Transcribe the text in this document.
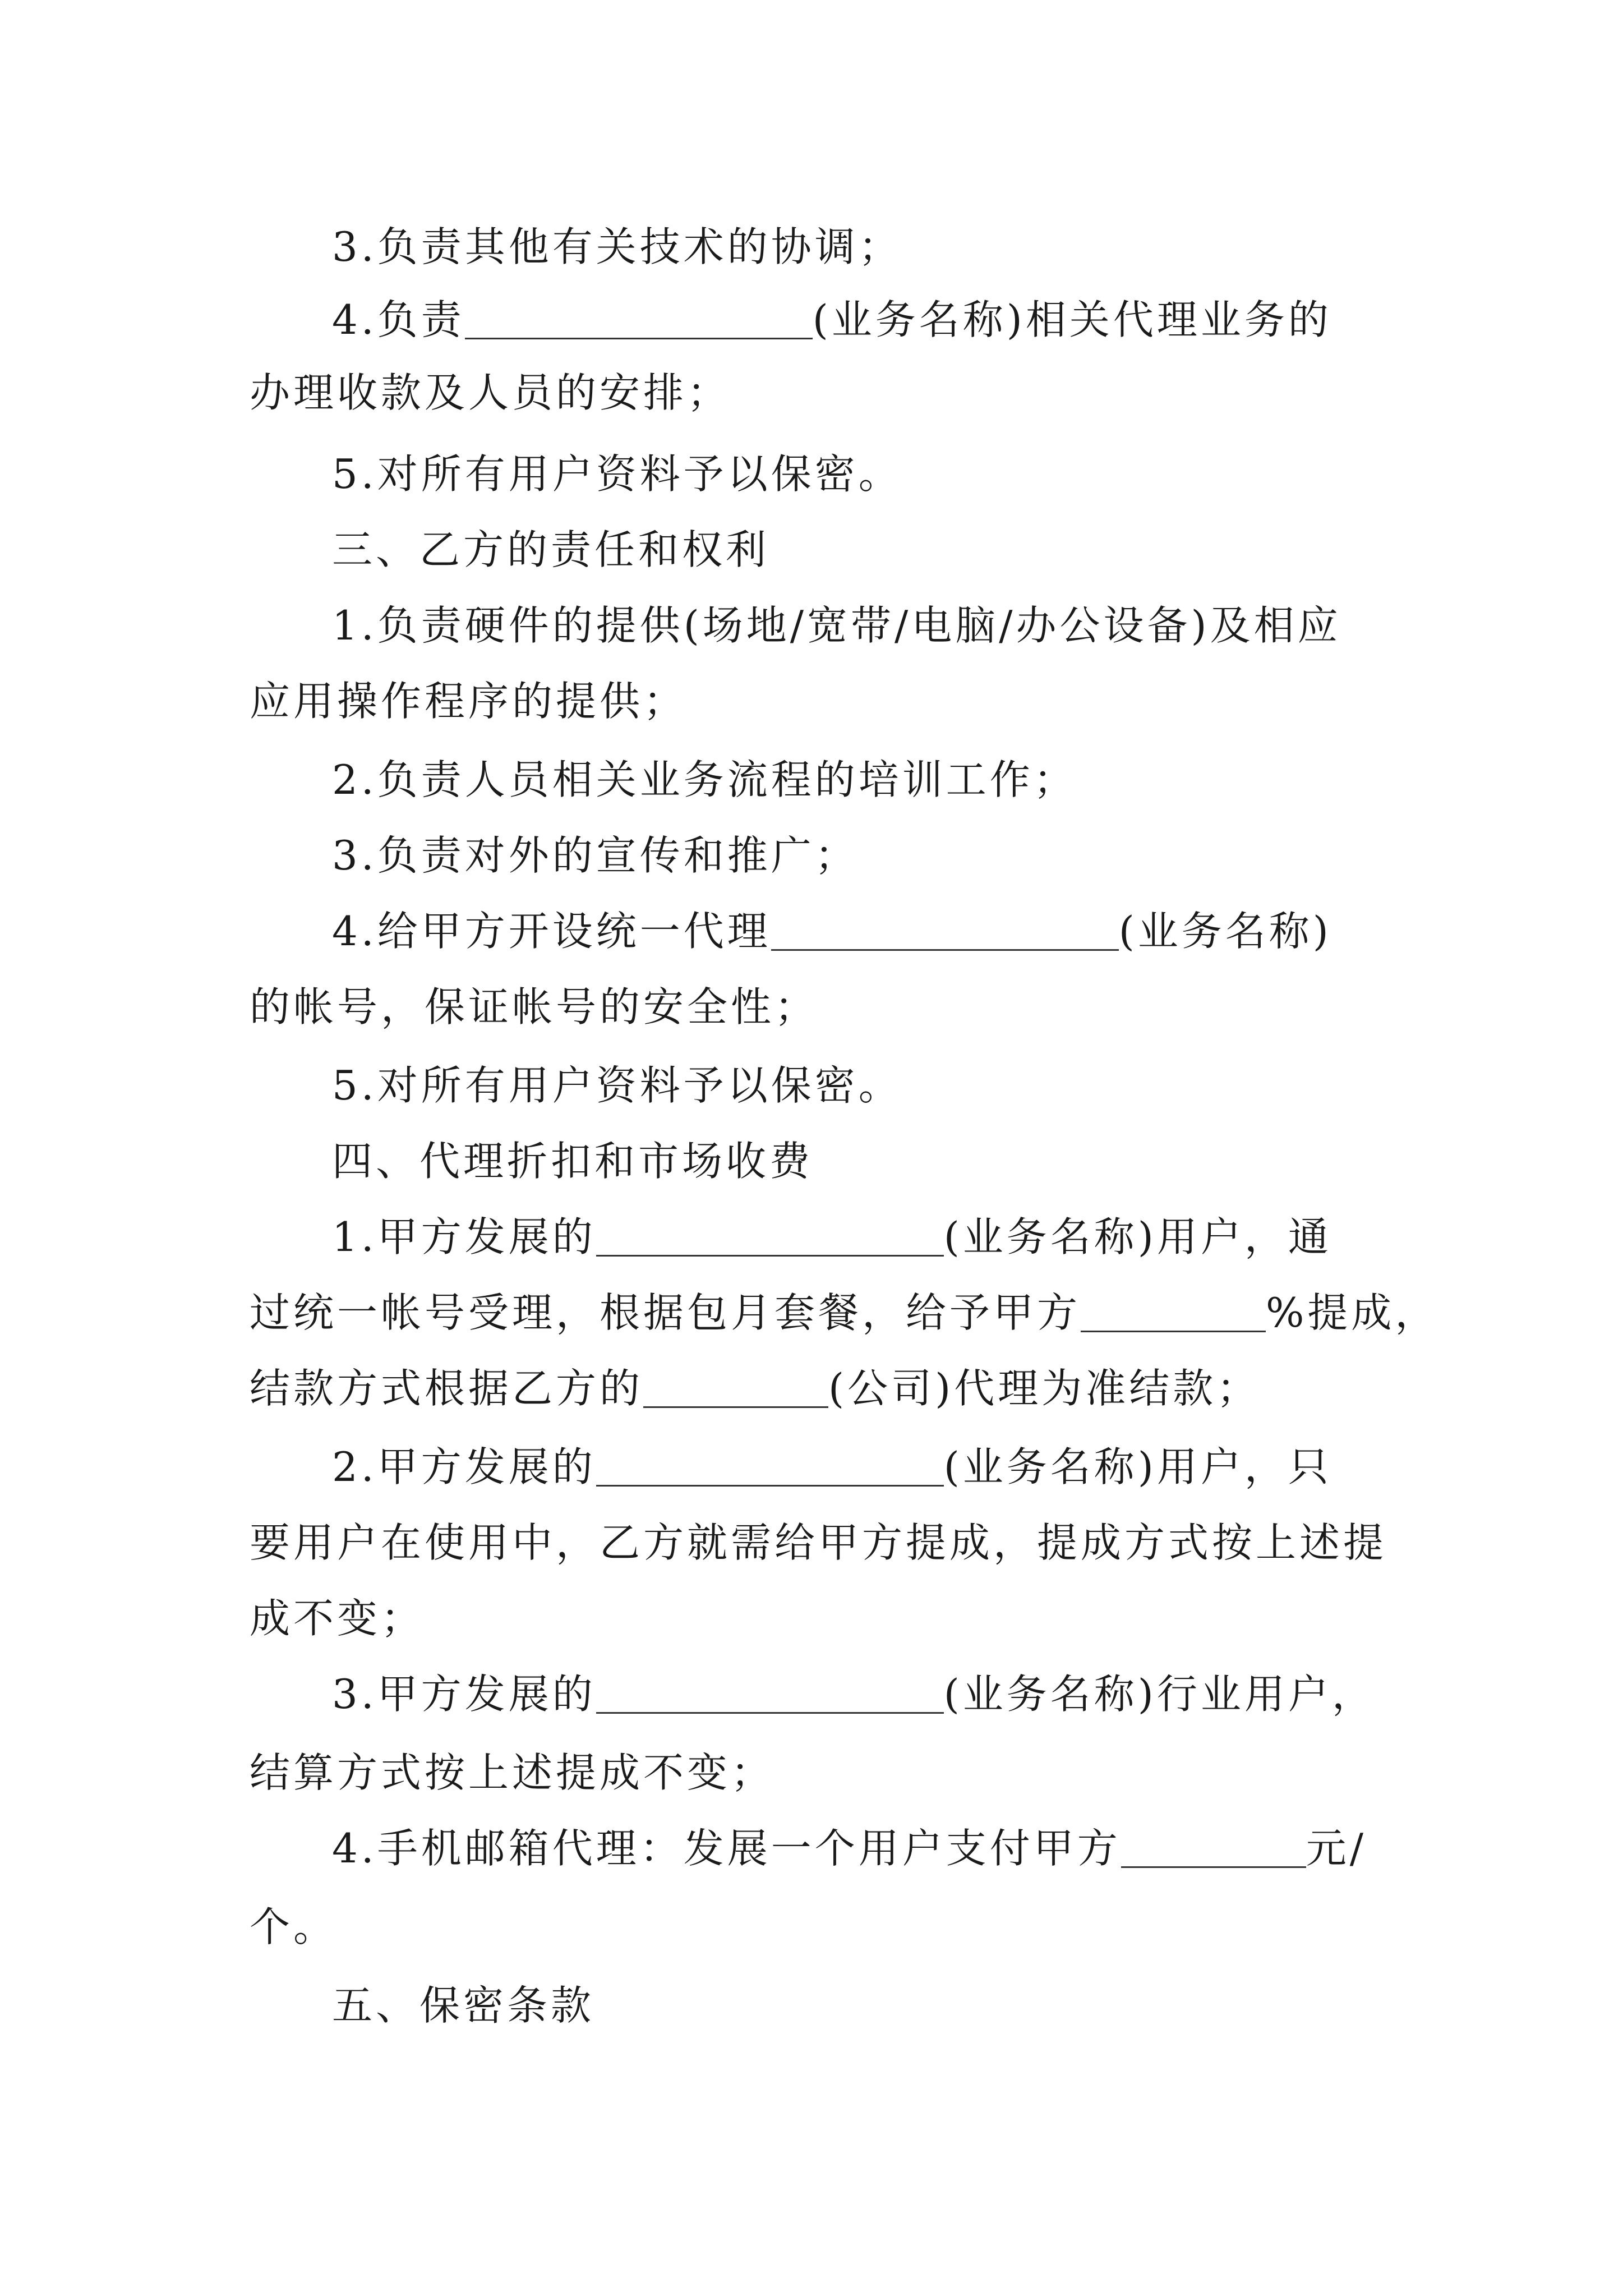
3.负责其他有关技术的协调；
4.负责	(业务名称)相关代理业务的
办理收款及人员的安排；
5.对所有用户资料予以保密。
三、乙方的责任和权利
1.负责硬件的提供(场地/宽带/电脑/办公设备)及相应
应用操作程序的提供；
2.负责人员相关业务流程的培训工作；
3.负责对外的宣传和推广；
4.给甲方开设统一代理	(业务名称)
的帐号，保证帐号的安全性；
5.对所有用户资料予以保密。
四、代理折扣和市场收费
1.甲方发展的	(业务名称)用户，通
过统一帐号受理，根据包月套餐，给予甲方	%提成，
结款方式根据乙方的	(公司)代理为准结款；
2.甲方发展的	(业务名称)用户，只
要用户在使用中，乙方就需给甲方提成，提成方式按上述提
成不变；
3.甲方发展的	(业务名称)行业用户，
结算方式按上述提成不变；
4.手机邮箱代理：发展一个用户支付甲方	元/
个。
五、保密条款
